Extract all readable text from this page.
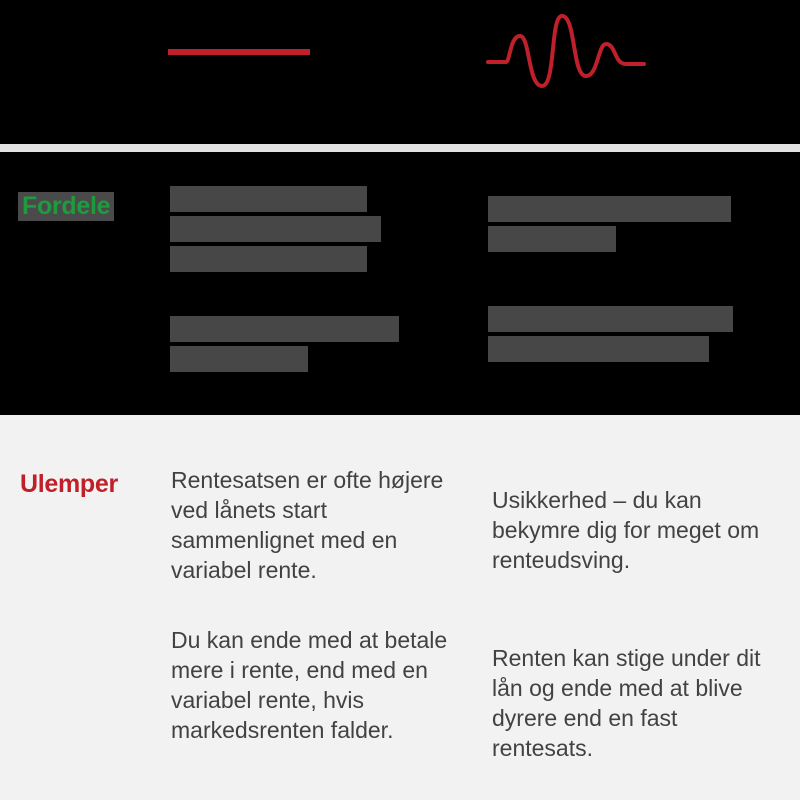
Fordele
Ulemper Rentesatsen er ofte højere ved lånets start sammenlignet med en variabel rente.
Du kan ende med at betale mere i rente, end med en variabel rente, hvis markedsrenten falder.
Usikkerhed – du kan bekymre dig for meget om renteudsving.
Renten kan stige under dit lån og ende med at blive dyrere end en fast rentesats.
